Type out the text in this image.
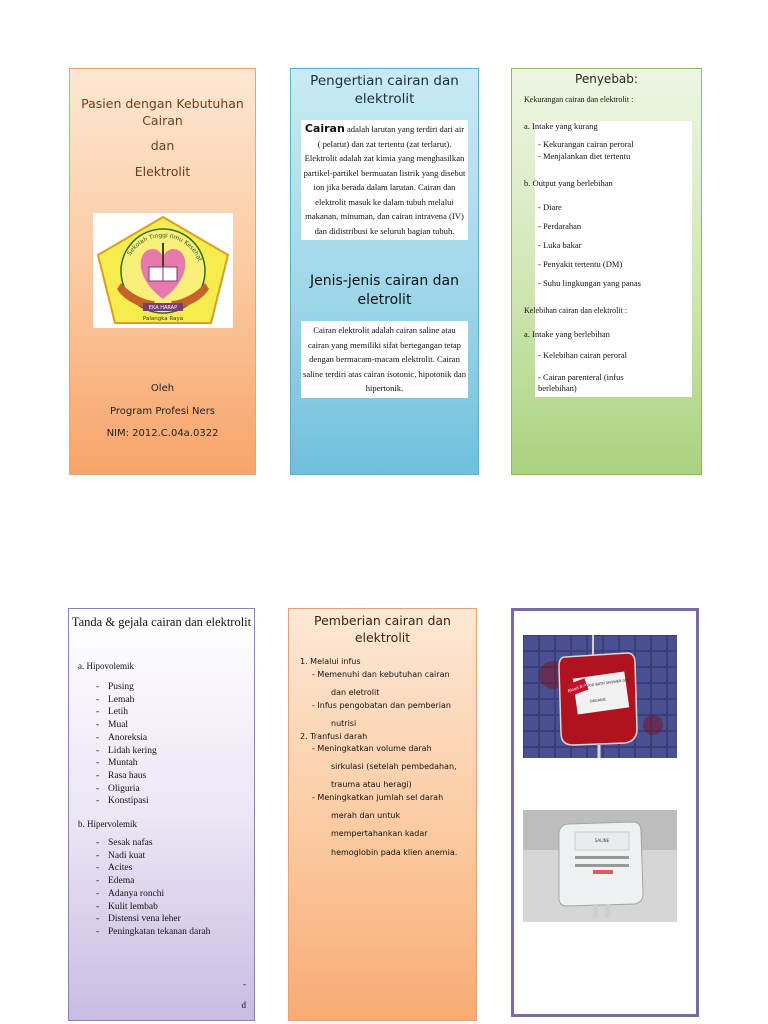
Pasien dengan Kebutuhan Cairan
dan
Elektrolit
EKA HARAP
Palangka Raya
Sekolah Tinggi Ilmu Kesehat
Oleh
Program Profesi Ners
NIM: 2012.C.04a.0322
Pengertian cairan dan elektrolit
Cairan adalah larutan yang terdiri dari air ( pelarut) dan zat tertentu (zat terlarut). Elektrolit adalah zat kimia yang menghasilkan partikel-partikel bermuatan listrik yang disebut ion jika berada dalam larutan. Cairan dan elektrolit masuk ke dalam tubuh melalui makanan, minuman, dan cairan intravena (IV) dan didistribusi ke seluruh bagian tubuh.
Jenis-jenis cairan dan eletrolit
Cairan elektrolit adalah cairan saline atau cairan yang memiliki sifat bertegangan tetap dengan bermacam-macam elektrolit. Cairan saline terdiri atas cairan isotonic, hipotonik dan hipertonik.
Penyebab:
Kekurangan cairan dan elektrolit :
a. Intake yang kurang
- Kekurangan cairan peroral
- Menjalankan diet tertentu
b. Output yang berlebihan
- Diare
- Perdarahan
- Luka bakar
- Penyakit tertentu (DM)
- Suhu lingkungan yang panas
Kelebihan cairan dan elektrolit :
a. Intake yang berlebihan
- Kelebihan cairan peroral
- Cairan parenteral (infus
berlebihan)
Tanda & gejala cairan dan elektrolit
a. Hipovolemik
- Pusing
- Lemah
- Letih
- Mual
- Anoreksia
- Lidah kering
- Muntah
- Rasa haus
- Oliguria
- Konstipasi
b. Hipervolemik
- Sesak nafas
- Nadi kuat
- Acites
- Edema
- Adanya ronchi
- Kulit lembab
- Distensi vena leher
- Peningkatan tekanan darah
-
d
Pemberian cairan dan elektrolit
1. Melalui infus
- Memenuhi dan kebutuhan cairan
dan eletrolit
- Infus pengobatan dan pemberian
nutrisi
2. Tranfusi darah
- Meningkatkan volume darah
sirkulasi (setelah pembedahan,
trauma atau heragi)
- Meningkatkan jumlah sel darah
merah dan untuk
mempertahankan kadar
hemoglobin pada klien anemia.
Blood Bath
BLOOD BATH SHOWER GEL
ORGANIC
SALINE
